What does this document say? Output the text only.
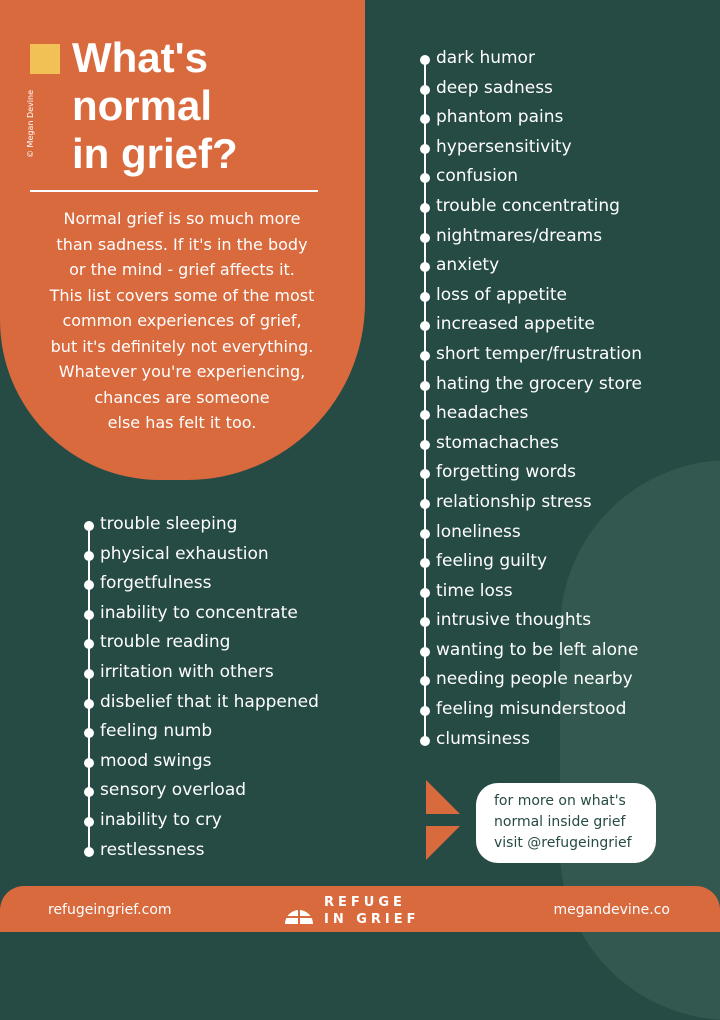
© Megan Devine
What's
normal
in grief?

Normal grief is so much more
than sadness. If it's in the body
or the mind - grief affects it.
This list covers some of the most
common experiences of grief,
but it's definitely not everything.
Whatever you're experiencing,
chances are someone
else has felt it too.

trouble sleeping
physical exhaustion
forgetfulness
inability to concentrate
trouble reading
irritation with others
disbelief that it happened
feeling numb
mood swings
sensory overload
inability to cry
restlessness
dark humor
deep sadness
phantom pains
hypersensitivity
confusion
trouble concentrating
nightmares/dreams
anxiety
loss of appetite
increased appetite
short temper/frustration
hating the grocery store
headaches
stomachaches
forgetting words
relationship stress
loneliness
feeling guilty
time loss
intrusive thoughts
wanting to be left alone
needing people nearby
feeling misunderstood
clumsiness
for more on what's
normal inside grief
visit @refugeingrief
refugeingrief.com	REFUGE
IN GRIEF
megandevine.co
